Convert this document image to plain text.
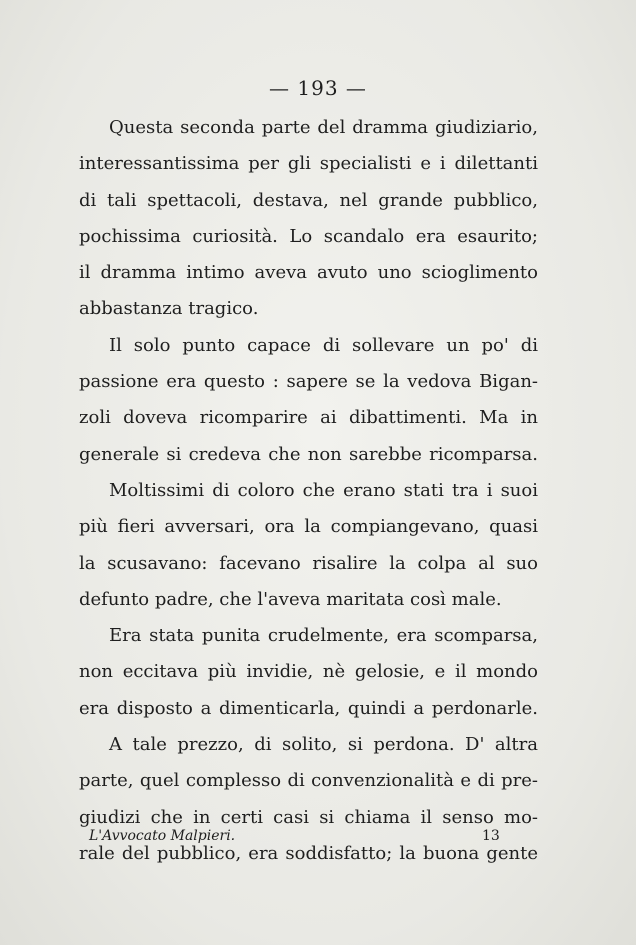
— 193 —
Questa seconda parte del dramma giudiziario,
interessantissima per gli specialisti e i dilettanti
di tali spettacoli, destava, nel grande pubblico,
pochissima curiosità. Lo scandalo era esaurito;
il dramma intimo aveva avuto uno scioglimento
abbastanza tragico.
Il solo punto capace di sollevare un po' di
passione era questo : sapere se la vedova Bigan-
zoli doveva ricomparire ai dibattimenti. Ma in
generale si credeva che non sarebbe ricomparsa.
Moltissimi di coloro che erano stati tra i suoi
più fieri avversari, ora la compiangevano, quasi
la scusavano: facevano risalire la colpa al suo
defunto padre, che l'aveva maritata così male.
Era stata punita crudelmente, era scomparsa,
non eccitava più invidie, nè gelosie, e il mondo
era disposto a dimenticarla, quindi a perdonarle.
A tale prezzo, di solito, si perdona. D' altra
parte, quel complesso di convenzionalità e di pre-
giudizi che in certi casi si chiama il senso mo-
rale del pubblico, era soddisfatto; la buona gente
L'Avvocato Malpieri.	13
